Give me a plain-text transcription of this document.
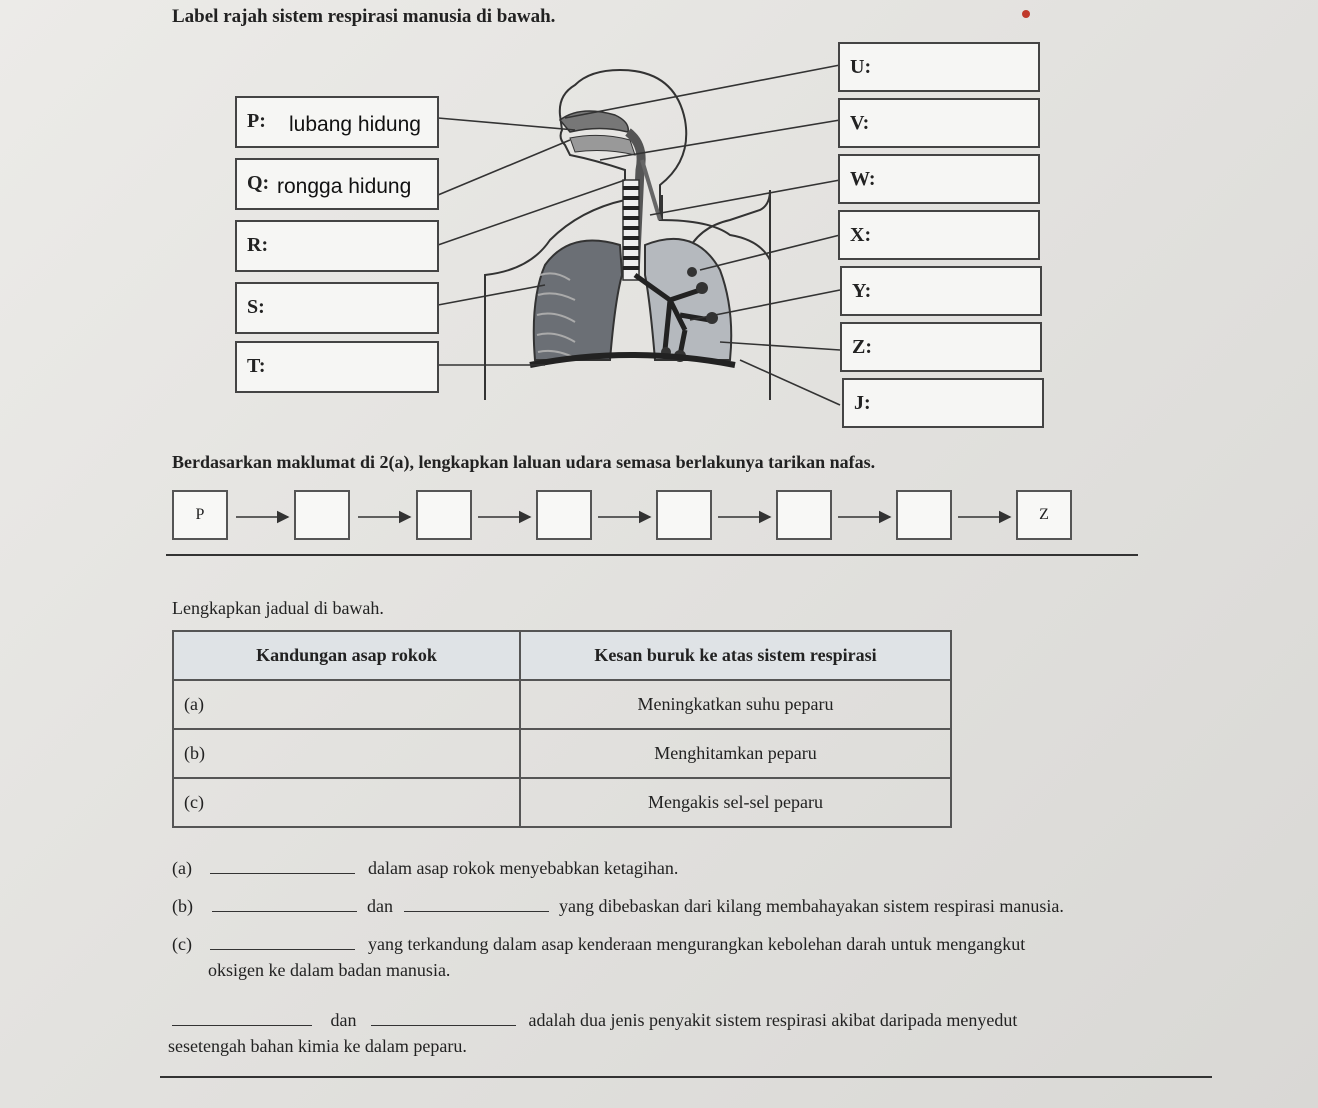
Label rajah sistem respirasi manusia di bawah.
P: lubang hidung
Q: rongga hidung
R:
S:
T:
U:
V:
W:
X:
Y:
Z:
J:
Berdasarkan maklumat di 2(a), lengkapkan laluan udara semasa berlakunya tarikan nafas.
P	Z
Lengkapkan jadual di bawah.
Kandungan asap rokok	Kesan buruk ke atas sistem respirasi
(a)	Meningkatkan suhu peparu
(b)	Menghitamkan peparu
(c)	Mengakis sel-sel peparu
(a)	dalam asap rokok menyebabkan ketagihan.
(b)	dan	yang dibebaskan dari kilang membahayakan sistem respirasi manusia.
(c)	yang terkandung dalam asap kenderaan mengurangkan kebolehan darah untuk mengangkut
oksigen ke dalam badan manusia.
dan	adalah dua jenis penyakit sistem respirasi akibat daripada menyedut
sesetengah bahan kimia ke dalam peparu.
